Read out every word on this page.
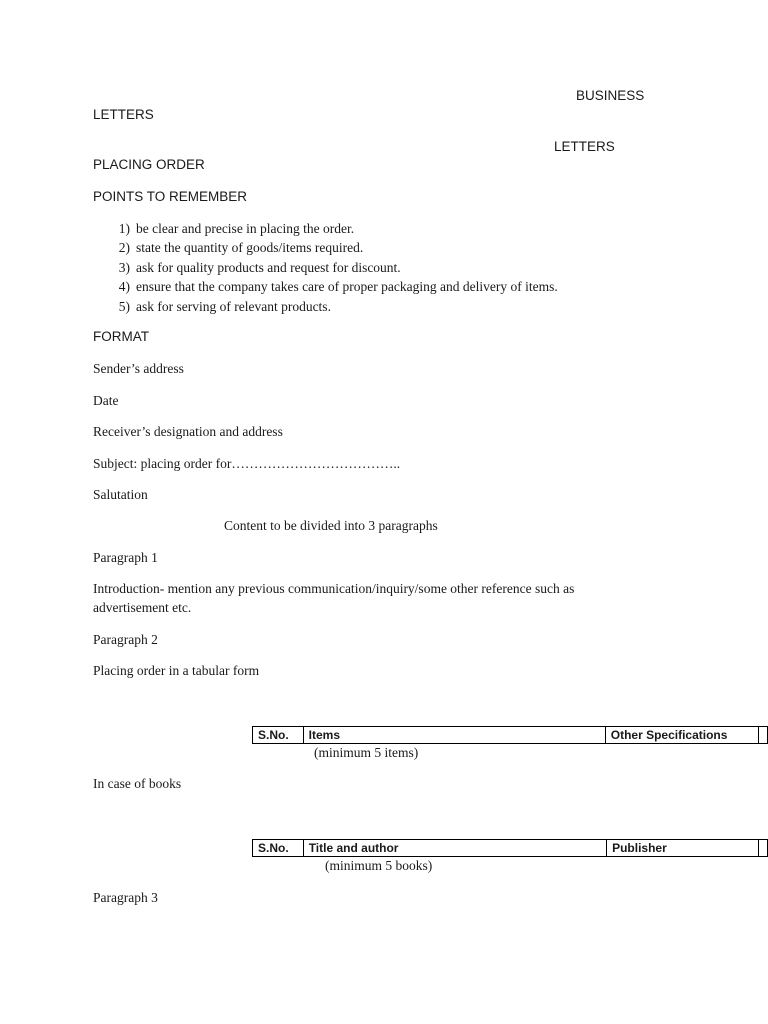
BUSINESS
LETTERS
LETTERS
PLACING ORDER
POINTS TO REMEMBER
1) be clear and precise in placing the order.
2) state the quantity of goods/items required.
3) ask for quality products and request for discount.
4) ensure that the company takes care of proper packaging and delivery of items.
5) ask for serving of relevant products.
FORMAT
Sender’s address
Date
Receiver’s designation and address
Subject: placing order for………………………………..
Salutation
Content to be divided into 3 paragraphs
Paragraph 1
Introduction- mention any previous communication/inquiry/some other reference such as
advertisement etc.
Paragraph 2
Placing order in a tabular form
S.No.	Items	Other Specifications	
(minimum 5 items)
In case of books
S.No.	Title and author	Publisher	
(minimum 5 books)
Paragraph 3
